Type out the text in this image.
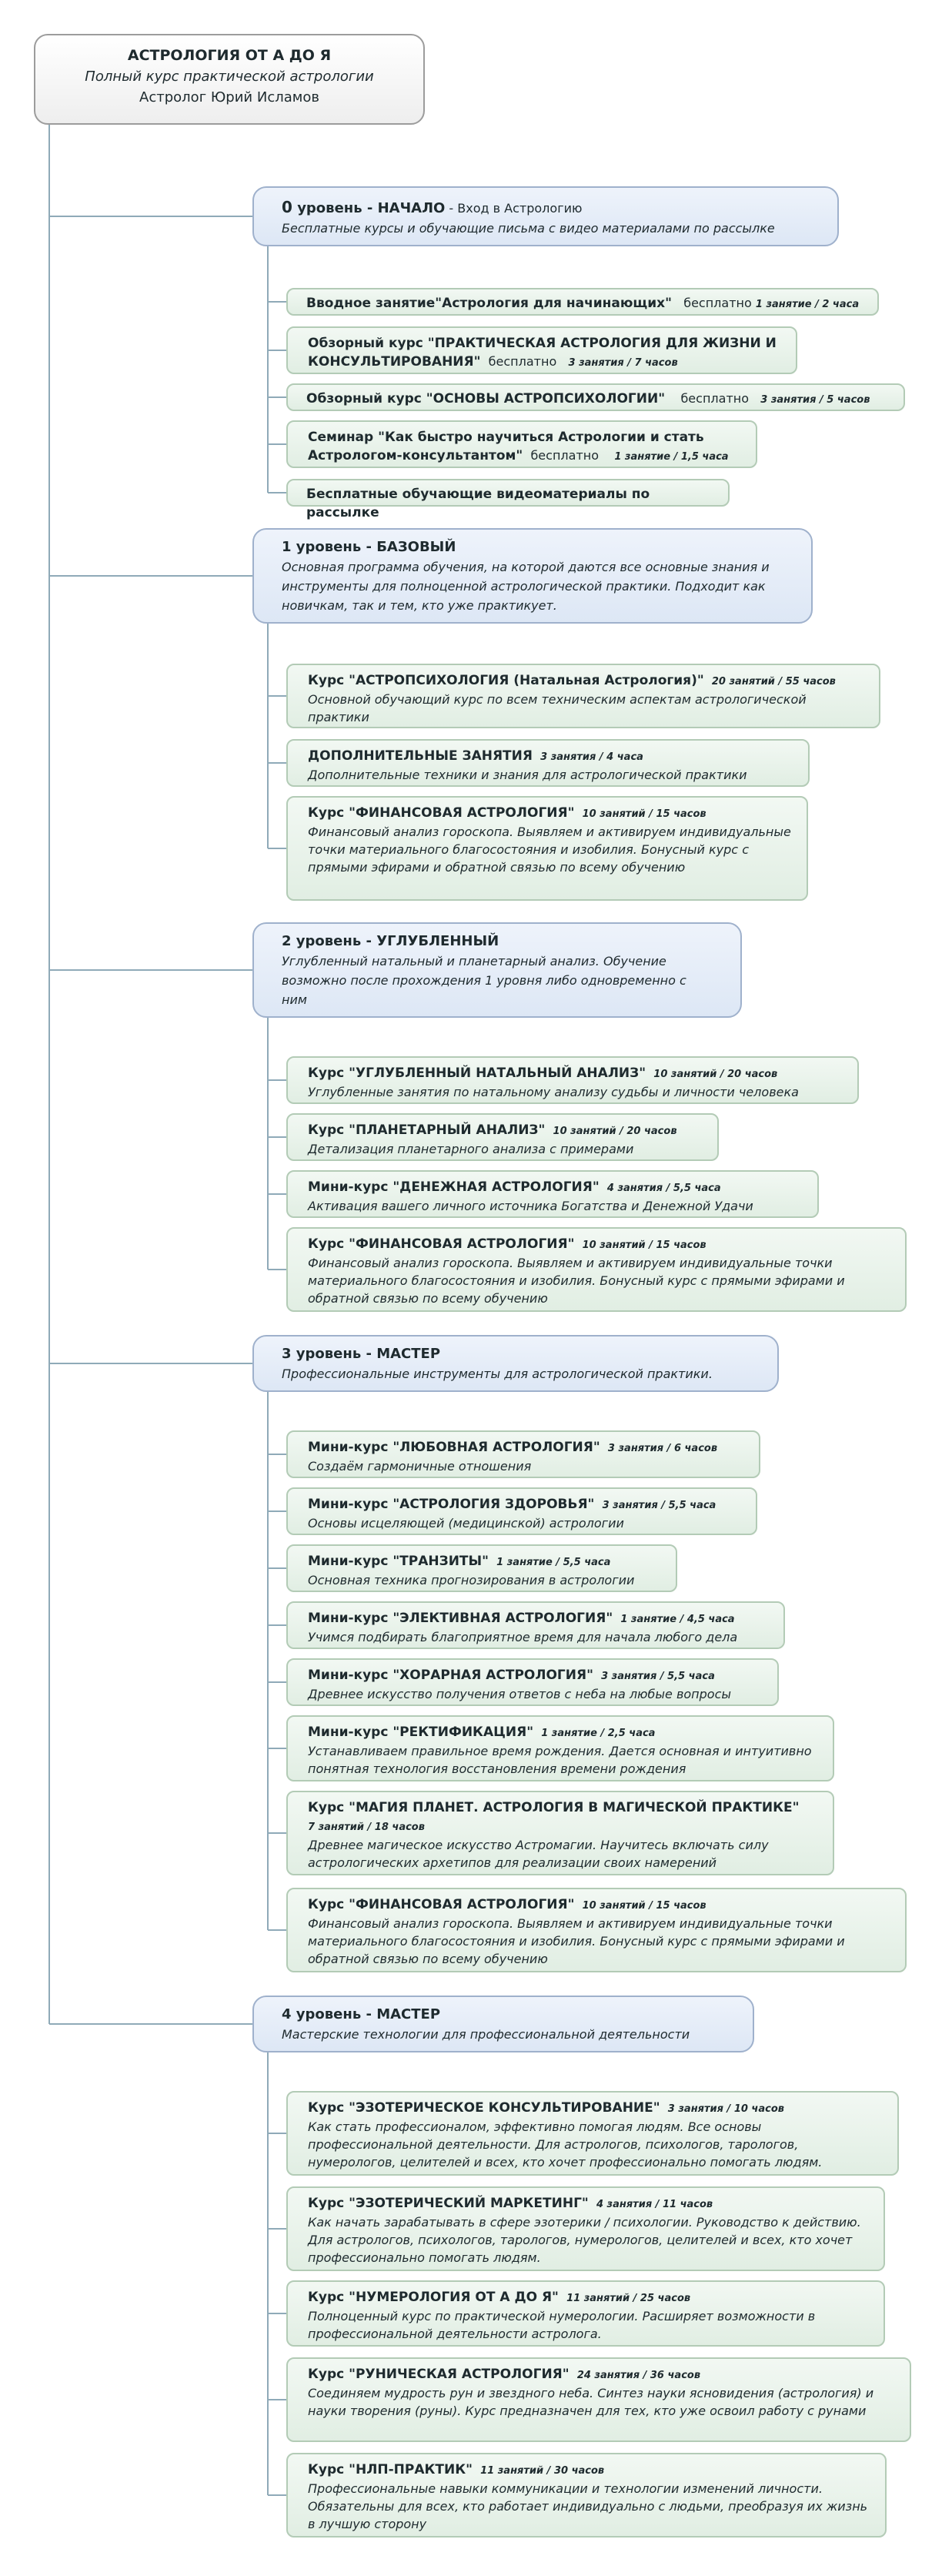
АСТРОЛОГИЯ ОТ А ДО Я
Полный курс практической астрологии
Астролог Юрий Исламов
0 уровень - НАЧАЛО - Вход в Астрологию
Бесплатные курсы и обучающие письма с видео материалами по рассылке
Вводное занятие"Астрология для начинающих" бесплатно 1 занятие / 2 часа
Обзорный курс "ПРАКТИЧЕСКАЯ АСТРОЛОГИЯ ДЛЯ ЖИЗНИ И КОНСУЛЬТИРОВАНИЯ" бесплатно 3 занятия / 7 часов
Обзорный курс "ОСНОВЫ АСТРОПСИХОЛОГИИ" бесплатно 3 занятия / 5 часов
Семинар "Как быстро научиться Астрологии и стать Астрологом-консультантом" бесплатно 1 занятие / 1,5 часа
Бесплатные обучающие видеоматериалы по рассылке
1 уровень - БАЗОВЫЙ
Основная программа обучения, на которой даются все основные знания и инструменты для полноценной астрологической практики. Подходит как новичкам, так и тем, кто уже практикует.
Курс "АСТРОПСИХОЛОГИЯ (Натальная Астрология)" 20 занятий / 55 часов
Основной обучающий курс по всем техническим аспектам астрологической практики
ДОПОЛНИТЕЛЬНЫЕ ЗАНЯТИЯ 3 занятия / 4 часа
Дополнительные техники и знания для астрологической практики
Курс "ФИНАНСОВАЯ АСТРОЛОГИЯ" 10 занятий / 15 часов
Финансовый анализ гороскопа. Выявляем и активируем индивидуальные точки материального благосостояния и изобилия. Бонусный курс с прямыми эфирами и обратной связью по всему обучению
2 уровень - УГЛУБЛЕННЫЙ
Углубленный натальный и планетарный анализ. Обучение возможно после прохождения 1 уровня либо одновременно с ним
Курс "УГЛУБЛЕННЫЙ НАТАЛЬНЫЙ АНАЛИЗ" 10 занятий / 20 часов
Углубленные занятия по натальному анализу судьбы и личности человека
Курс "ПЛАНЕТАРНЫЙ АНАЛИЗ" 10 занятий / 20 часов
Детализация планетарного анализа с примерами
Мини-курс "ДЕНЕЖНАЯ АСТРОЛОГИЯ" 4 занятия / 5,5 часа
Активация вашего личного источника Богатства и Денежной Удачи
Курс "ФИНАНСОВАЯ АСТРОЛОГИЯ" 10 занятий / 15 часов
Финансовый анализ гороскопа. Выявляем и активируем индивидуальные точки материального благосостояния и изобилия. Бонусный курс с прямыми эфирами и обратной связью по всему обучению
3 уровень - МАСТЕР
Профессиональные инструменты для астрологической практики.
Мини-курс "ЛЮБОВНАЯ АСТРОЛОГИЯ" 3 занятия / 6 часов
Создаём гармоничные отношения
Мини-курс "АСТРОЛОГИЯ ЗДОРОВЬЯ" 3 занятия / 5,5 часа
Основы исцеляющей (медицинской) астрологии
Мини-курс "ТРАНЗИТЫ" 1 занятие / 5,5 часа
Основная техника прогнозирования в астрологии
Мини-курс "ЭЛЕКТИВНАЯ АСТРОЛОГИЯ" 1 занятие / 4,5 часа
Учимся подбирать благоприятное время для начала любого дела
Мини-курс "ХОРАРНАЯ АСТРОЛОГИЯ" 3 занятия / 5,5 часа
Древнее искусство получения ответов с неба на любые вопросы
Мини-курс "РЕКТИФИКАЦИЯ" 1 занятие / 2,5 часа
Устанавливаем правильное время рождения. Дается основная и интуитивно понятная технология восстановления времени рождения
Курс "МАГИЯ ПЛАНЕТ. АСТРОЛОГИЯ В МАГИЧЕСКОЙ ПРАКТИКЕ"
7 занятий / 18 часов
Древнее магическое искусство Астромагии. Научитесь включать силу астрологических архетипов для реализации своих намерений
Курс "ФИНАНСОВАЯ АСТРОЛОГИЯ" 10 занятий / 15 часов
Финансовый анализ гороскопа. Выявляем и активируем индивидуальные точки материального благосостояния и изобилия. Бонусный курс с прямыми эфирами и обратной связью по всему обучению
4 уровень - МАСТЕР
Мастерские технологии для профессиональной деятельности
Курс "ЭЗОТЕРИЧЕСКОЕ КОНСУЛЬТИРОВАНИЕ" 3 занятия / 10 часов
Как стать профессионалом, эффективно помогая людям. Все основы профессиональной деятельности. Для астрологов, психологов, тарологов, нумерологов, целителей и всех, кто хочет профессионально помогать людям.
Курс "ЭЗОТЕРИЧЕСКИЙ МАРКЕТИНГ" 4 занятия / 11 часов
Как начать зарабатывать в сфере эзотерики / психологии. Руководство к действию. Для астрологов, психологов, тарологов, нумерологов, целителей и всех, кто хочет профессионально помогать людям.
Курс "НУМЕРОЛОГИЯ ОТ А ДО Я" 11 занятий / 25 часов
Полноценный курс по практической нумерологии. Расширяет возможности в профессиональной деятельности астролога.
Курс "РУНИЧЕСКАЯ АСТРОЛОГИЯ" 24 занятия / 36 часов
Соединяем мудрость рун и звездного неба. Синтез науки ясновидения (астрология) и науки творения (руны). Курс предназначен для тех, кто уже освоил работу с рунами
Курс "НЛП-ПРАКТИК" 11 занятий / 30 часов
Профессиональные навыки коммуникации и технологии изменений личности. Обязательны для всех, кто работает индивидуально с людьми, преобразуя их жизнь в лучшую сторону
